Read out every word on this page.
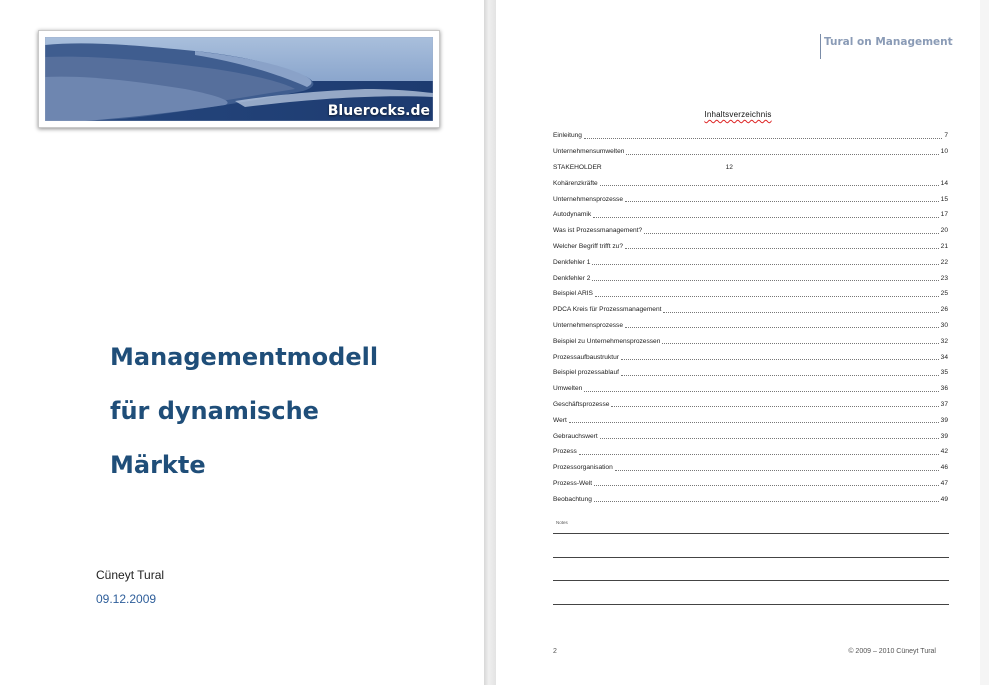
Bluerocks.de
Managementmodell
für dynamische
Märkte
Cüneyt Tural
09.12.2009
Tural on Management
Inhaltsverzeichnis
Einleitung	7
Unternehmensumwelten	10
STAKEHOLDER	12
Kohärenzkräfte	14
Unternehmensprozesse	15
Autodynamik	17
Was ist Prozessmanagement?	20
Welcher Begriff trifft zu?	21
Denkfehler 1	22
Denkfehler 2	23
Beispiel ARIS	25
PDCA Kreis für Prozessmanagement	26
Unternehmensprozesse	30
Beispiel zu Unternehmensprozessen	32
Prozessaufbaustruktur	34
Beispiel prozessablauf	35
Umwelten	36
Geschäftsprozesse	37
Wert	39
Gebrauchswert	39
Prozess	42
Prozessorganisation	46
Prozess-Welt	47
Beobachtung	49
Notes
2	© 2009 – 2010 Cüneyt Tural
